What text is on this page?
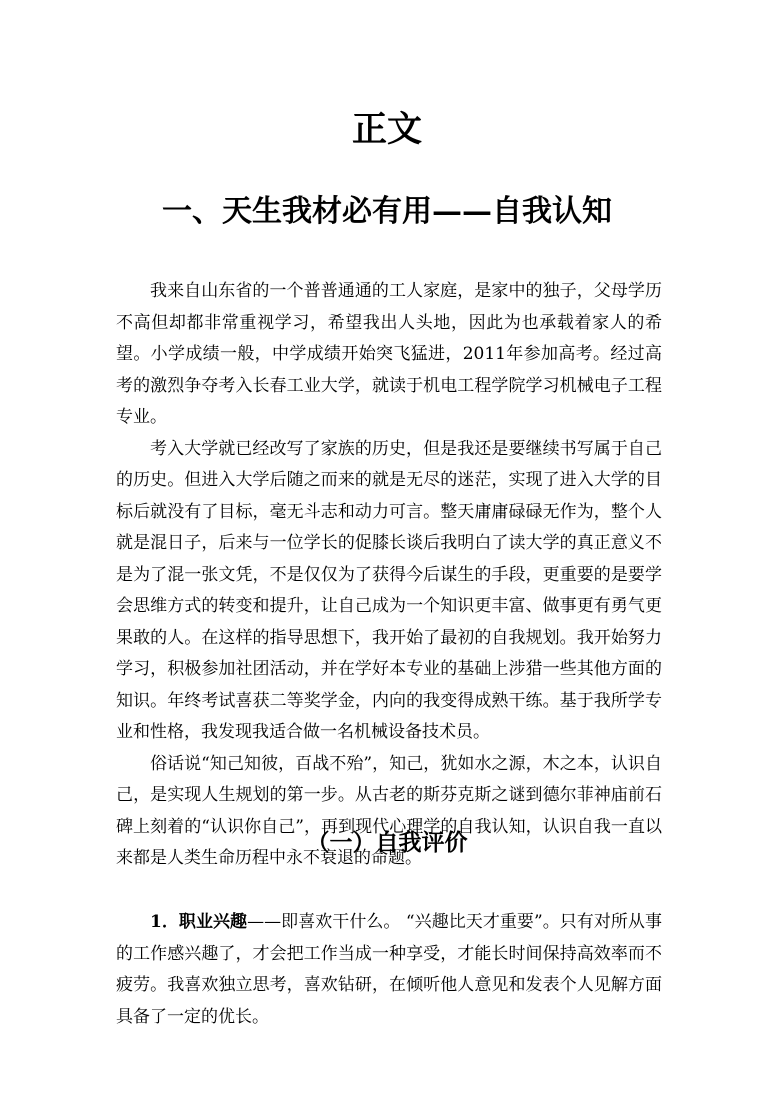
正文
一、天生我材必有用——自我认知

我来自山东省的一个普普通通的工人家庭，是家中的独子，父母学历不高但却都非常重视学习，希望我出人头地，因此为也承载着家人的希望。小学成绩一般，中学成绩开始突飞猛进，2011年参加高考。经过高考的激烈争夺考入长春工业大学，就读于机电工程学院学习机械电子工程专业。

考入大学就已经改写了家族的历史，但是我还是要继续书写属于自己的历史。但进入大学后随之而来的就是无尽的迷茫，实现了进入大学的目标后就没有了目标，毫无斗志和动力可言。整天庸庸碌碌无作为，整个人就是混日子，后来与一位学长的促膝长谈后我明白了读大学的真正意义不是为了混一张文凭，不是仅仅为了获得今后谋生的手段，更重要的是要学会思维方式的转变和提升，让自己成为一个知识更丰富、做事更有勇气更果敢的人。在这样的指导思想下，我开始了最初的自我规划。我开始努力学习，积极参加社团活动，并在学好本专业的基础上涉猎一些其他方面的知识。年终考试喜获二等奖学金，内向的我变得成熟干练。基于我所学专业和性格，我发现我适合做一名机械设备技术员。

俗话说“知己知彼，百战不殆”，知己，犹如水之源，木之本，认识自己，是实现人生规划的第一步。从古老的斯芬克斯之谜到德尔菲神庙前石碑上刻着的“认识你自己”，再到现代心理学的自我认知，认识自我一直以来都是人类生命历程中永不衰退的命题。

（一）自我评价

1．职业兴趣——即喜欢干什么。 “兴趣比天才重要”。只有对所从事的工作感兴趣了，才会把工作当成一种享受，才能长时间保持高效率而不疲劳。我喜欢独立思考，喜欢钻研，在倾听他人意见和发表个人见解方面具备了一定的优长。
